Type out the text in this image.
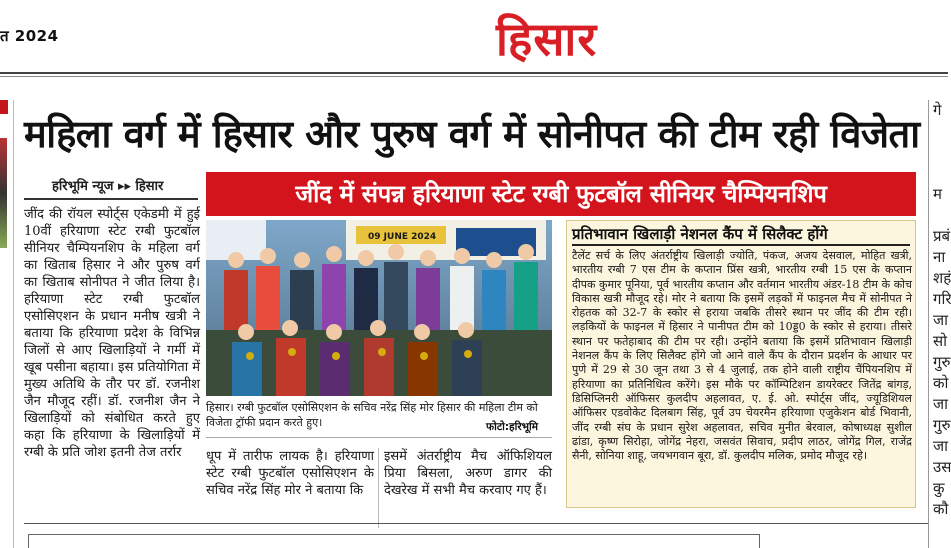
त 2024	हिसार
महिला वर्ग में हिसार और पुरुष वर्ग में सोनीपत की टीम रही विजेता
गे

म

प्रबं
ना
शहं
गरि
जा
सो
गुरु
को
जा
गुरु
जा
उस
कु
कौ
हरिभूमि न्यूज ▸▸ हिसार
जींद की रॉयल स्पोर्ट्स एकेडमी में हुई 10वीं हरियाणा स्टेट रग्बी फुटबॉल सीनियर चैम्पियनशिप के महिला वर्ग का खिताब हिसार ने और पुरुष वर्ग का खिताब सोनीपत ने जीत लिया है। हरियाणा स्टेट रग्बी फुटबॉल एसोसिएशन के प्रधान मनीष खत्री ने बताया कि हरियाणा प्रदेश के विभिन्न जिलों से आए खिलाड़ियों ने गर्मी में खूब पसीना बहाया। इस प्रतियोगिता में मुख्य अतिथि के तौर पर डॉ. रजनीश जैन मौजूद रहीं। डॉ. रजनीश जैन ने खिलाड़ियों को संबोधित करते हुए कहा कि हरियाणा के खिलाड़ियों में रग्बी के प्रति जोश इतनी तेज तर्रार
जींद में संपन्न हरियाणा स्टेट रग्बी फुटबॉल सीनियर चैम्पियनशिप
09 JUNE 2024
हिसार। रग्बी फुटबॉल एसोसिएशन के सचिव नरेंद्र सिंह मोर हिसार की महिला टीम को विजेता ट्रॉफी प्रदान करते हुए।	फोटो:हरिभूमि
धूप में तारीफ लायक है। हरियाणा स्टेट रग्बी फुटबॉल एसोसिएशन के सचिव नरेंद्र सिंह मोर ने बताया कि
इसमें अंतर्राष्ट्रीय मैच ऑफिशियल प्रिया बिसला, अरुण डागर की देखरेख में सभी मैच करवाए गए हैं।
प्रतिभावान खिलाड़ी नेशनल कैंप में सिलैक्ट होंगे
टैलेंट सर्च के लिए अंतर्राष्ट्रीय खिलाड़ी ज्योति, पंकज, अजय देसवाल, मोहित खत्री, भारतीय रग्बी 7 एस टीम के कप्तान प्रिंस खत्री, भारतीय रग्बी 15 एस के कप्तान दीपक कुमार पूनिया, पूर्व भारतीय कप्तान और वर्तमान भारतीय अंडर-18 टीम के कोच विकास खत्री मौजूद रहे। मोर ने बताया कि इसमें लड़कों में फाइनल मैच में सोनीपत ने रोहतक को 32-7 के स्कोर से हराया जबकि तीसरे स्थान पर जींद की टीम रही। लड़कियों के फाइनल में हिसार ने पानीपत टीम को 10ड्ड0 के स्कोर से हराया। तीसरे स्थान पर फतेहाबाद की टीम पर रही। उन्होंने बताया कि इसमें प्रतिभावान खिलाड़ी नेशनल कैंप के लिए सिलैक्ट होंगे जो आने वाले कैंप के दौरान प्रदर्शन के आधार पर पुणे में 29 से 30 जून तथा 3 से 4 जुलाई, तक होने वाली राष्ट्रीय चैंपियनशिप में हरियाणा का प्रतिनिधित्व करेंगे। इस मौके पर कॉम्पिटिशन डायरेक्टर जितेंद्र बांगड़, डिसिप्लिनरी ऑफिसर कुलदीप अहलावत, ए. ई. ओ. स्पोर्ट्स जींद, ज्यूडिशियल ऑफिसर एडवोकेट दिलबाग सिंह, पूर्व उप चेयरमैन हरियाणा एजुकेशन बोर्ड भिवानी, जींद रग्बी संघ के प्रधान सुरेश अहलावत, सचिव मुनीत बेरवाल, कोषाध्यक्ष सुशील ढांडा, कृष्ण सिरोहा, जोगेंद्र नेहरा, जसवंत सिवाच, प्रदीप लाठर, जोगेंद्र गिल, राजेंद्र सैनी, सोनिया शाहू, जयभगवान बूरा, डॉ. कुलदीप मलिक, प्रमोद मौजूद रहे।
